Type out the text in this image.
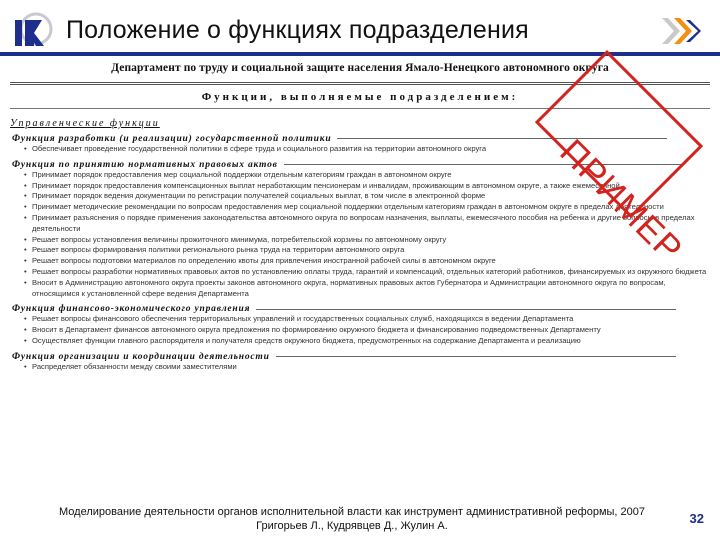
Положение о функциях подразделения
Департамент по труду и социальной защите населения Ямало-Ненецкого автономного округа
Функции, выполняемые подразделением:
Управленческие функции
Функция разработки (и реализации) государственной политики
• Обеспечивает проведение государственной политики в сфере труда и социального развития на территории автономного округа
Функция по принятию нормативных правовых актов
• Принимает порядок предоставления мер социальной поддержки отдельным категориям граждан в автономном округе
• Принимает порядок предоставления компенсационных выплат неработающим пенсионерам и инвалидам, проживающим в автономном округе, а также ежемесячной
• Принимает порядок ведения документации по регистрации получателей социальных выплат, в том числе в электронной форме
• Принимает методические рекомендации по вопросам предоставления мер социальной поддержки отдельным категориям граждан в автономном округе в пределах деятельности
• Принимает разъяснения о порядке применения законодательства автономного округа по вопросам назначения, выплаты, ежемесячного пособия на ребенка и другие вопросы в пределах деятельности
• Решает вопросы установления величины прожиточного минимума, потребительской корзины по автономному округу
• Решает вопросы формирования политики регионального рынка труда на территории автономного округа
• Решает вопросы подготовки материалов по определению квоты для привлечения иностранной рабочей силы в автономном округе
• Решает вопросы разработки нормативных правовых актов по установлению оплаты труда, гарантий и компенсаций, отдельных категорий работников, финансируемых из окружного бюджета
• Вносит в Администрацию автономного округа проекты законов автономного округа, нормативных правовых актов Губернатора и Администрации автономного округа по вопросам, относящимся к установленной сфере ведения Департамента
Функция финансово-экономического управления
• Решает вопросы финансового обеспечения территориальных управлений и государственных социальных служб, находящихся в ведении Департамента
• Вносит в Департамент финансов автономного округа предложения по формированию окружного бюджета и финансированию подведомственных Департаменту
• Осуществляет функции главного распорядителя и получателя средств окружного бюджета, предусмотренных на содержание Департамента и реализацию
Функция организации и координации деятельности
• Распределяет обязанности между своими заместителями
ПРИМЕР
Моделирование деятельности органов исполнительной власти как инструмент административной реформы, 2007
Григорьев Л., Кудрявцев Д., Жулин А.	32
